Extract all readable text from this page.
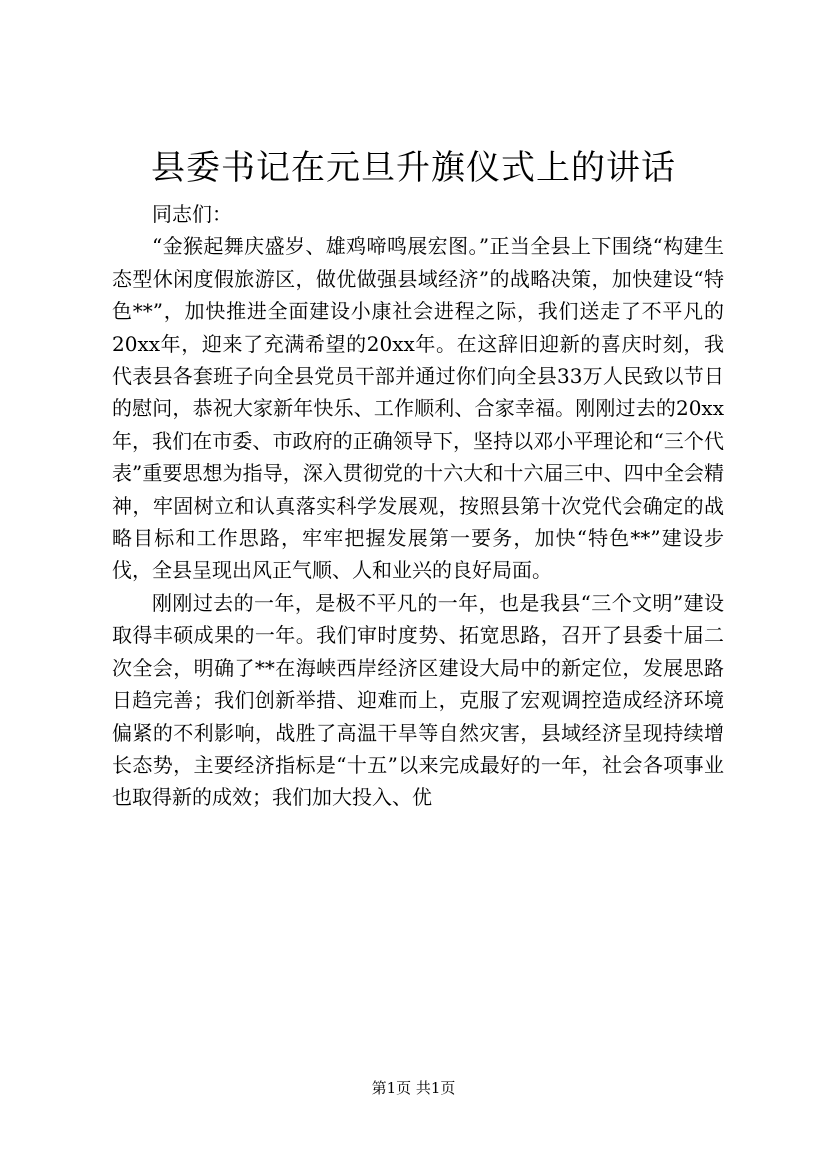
县委书记在元旦升旗仪式上的讲话

同志们：

“金猴起舞庆盛岁、雄鸡啼鸣展宏图。”正当全县上下围绕“构建生态型休闲度假旅游区，做优做强县域经济”的战略决策，加快建设“特色**”，加快推进全面建设小康社会进程之际，我们送走了不平凡的20xx年，迎来了充满希望的20xx年。在这辞旧迎新的喜庆时刻，我代表县各套班子向全县党员干部并通过你们向全县33万人民致以节日的慰问，恭祝大家新年快乐、工作顺利、合家幸福。刚刚过去的20xx年，我们在市委、市政府的正确领导下，坚持以邓小平理论和“三个代表”重要思想为指导，深入贯彻党的十六大和十六届三中、四中全会精神，牢固树立和认真落实科学发展观，按照县第十次党代会确定的战略目标和工作思路，牢牢把握发展第一要务，加快“特色**”建设步伐，全县呈现出风正气顺、人和业兴的良好局面。

刚刚过去的一年，是极不平凡的一年，也是我县“三个文明”建设取得丰硕成果的一年。我们审时度势、拓宽思路，召开了县委十届二次全会，明确了**在海峡西岸经济区建设大局中的新定位，发展思路日趋完善；我们创新举措、迎难而上，克服了宏观调控造成经济环境偏紧的不利影响，战胜了高温干旱等自然灾害，县域经济呈现持续增长态势，主要经济指标是“十五”以来完成最好的一年，社会各项事业也取得新的成效；我们加大投入、优

第1页 共1页
